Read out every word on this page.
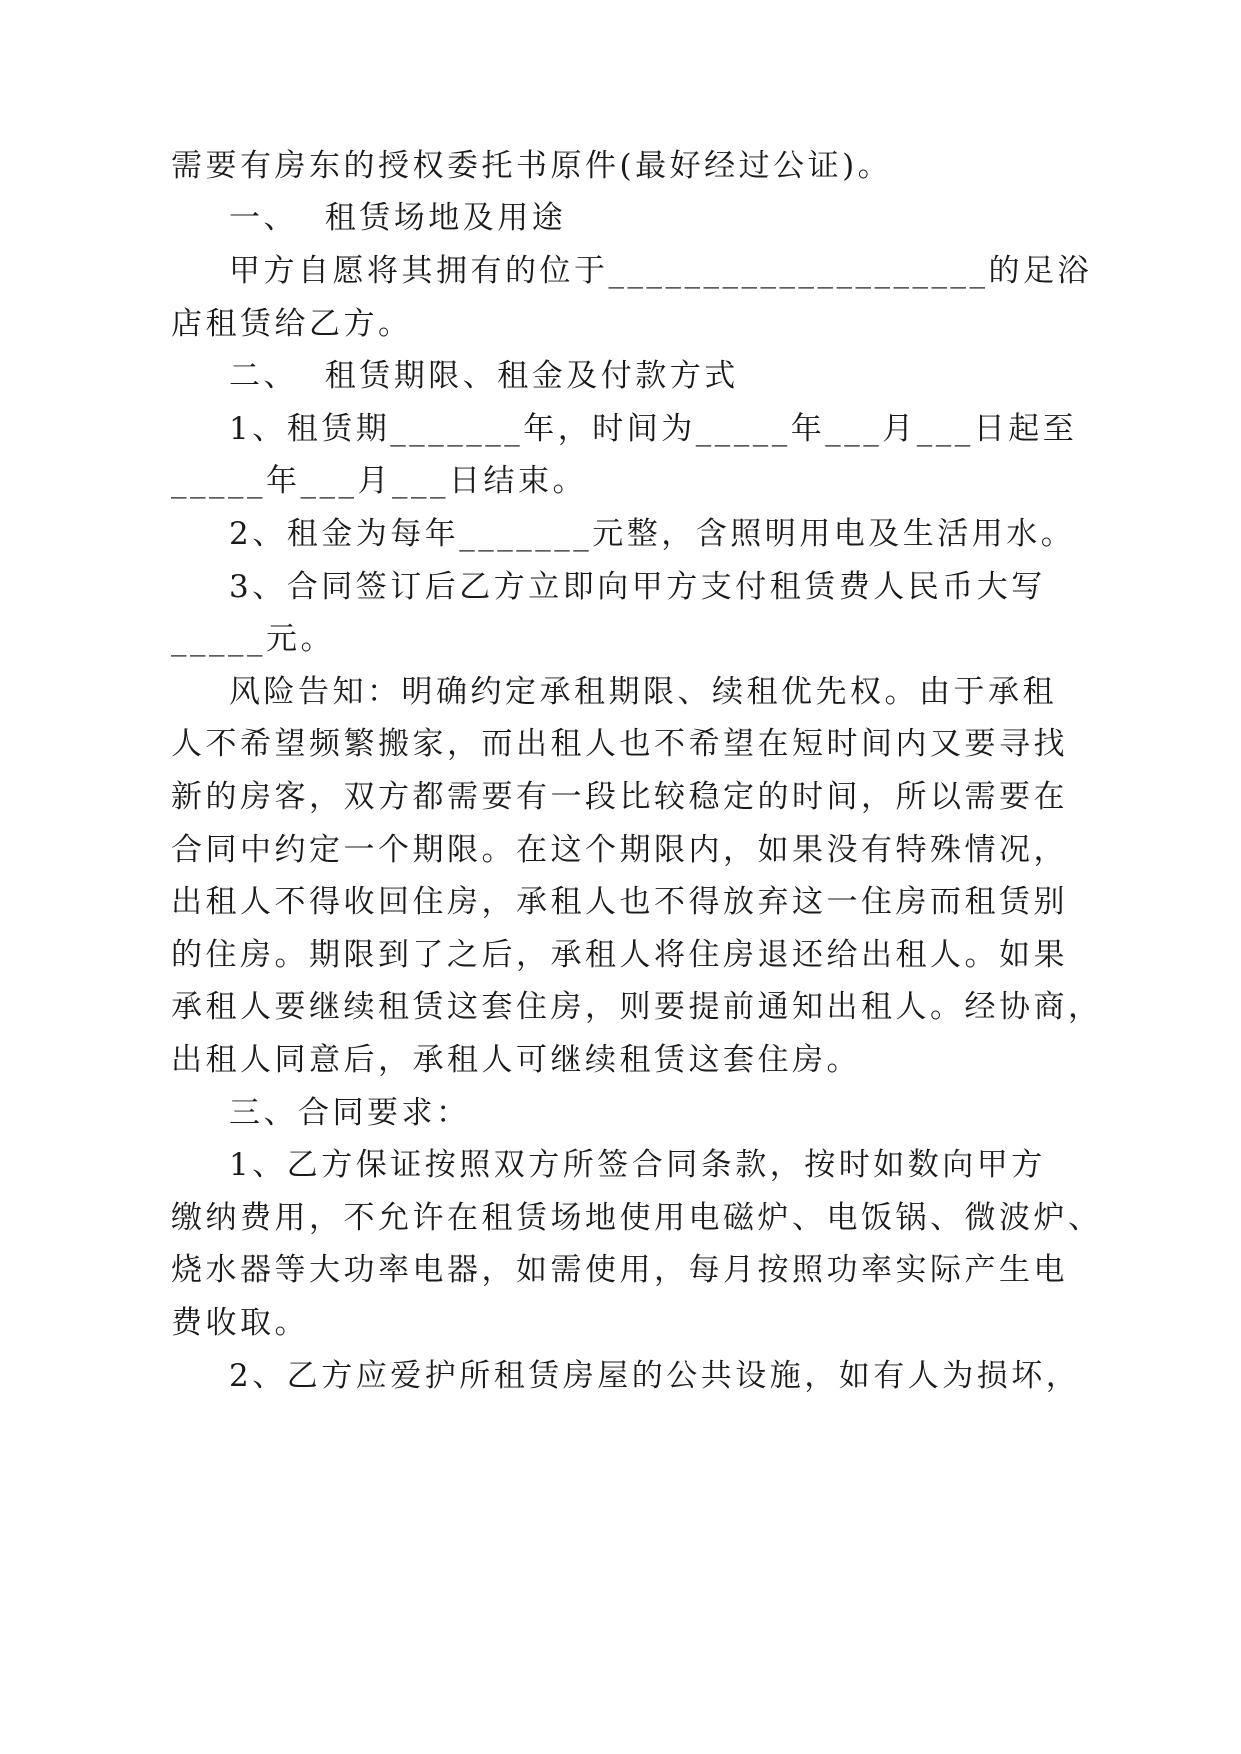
需要有房东的授权委托书原件(最好经过公证)。
一、  租赁场地及用途
甲方自愿将其拥有的位于____________________的足浴
店租赁给乙方。
二、  租赁期限、租金及付款方式
1、租赁期_______年，时间为_____年___月___日起至
_____年___月___日结束。
2、租金为每年_______元整，含照明用电及生活用水。
3、合同签订后乙方立即向甲方支付租赁费人民币大写
_____元。
风险告知：明确约定承租期限、续租优先权。由于承租
人不希望频繁搬家，而出租人也不希望在短时间内又要寻找
新的房客，双方都需要有一段比较稳定的时间，所以需要在
合同中约定一个期限。在这个期限内，如果没有特殊情况，
出租人不得收回住房，承租人也不得放弃这一住房而租赁别
的住房。期限到了之后，承租人将住房退还给出租人。如果
承租人要继续租赁这套住房，则要提前通知出租人。经协商，
出租人同意后，承租人可继续租赁这套住房。
三、合同要求：
1、乙方保证按照双方所签合同条款，按时如数向甲方
缴纳费用，不允许在租赁场地使用电磁炉、电饭锅、微波炉、
烧水器等大功率电器，如需使用，每月按照功率实际产生电
费收取。
2、乙方应爱护所租赁房屋的公共设施，如有人为损坏，
